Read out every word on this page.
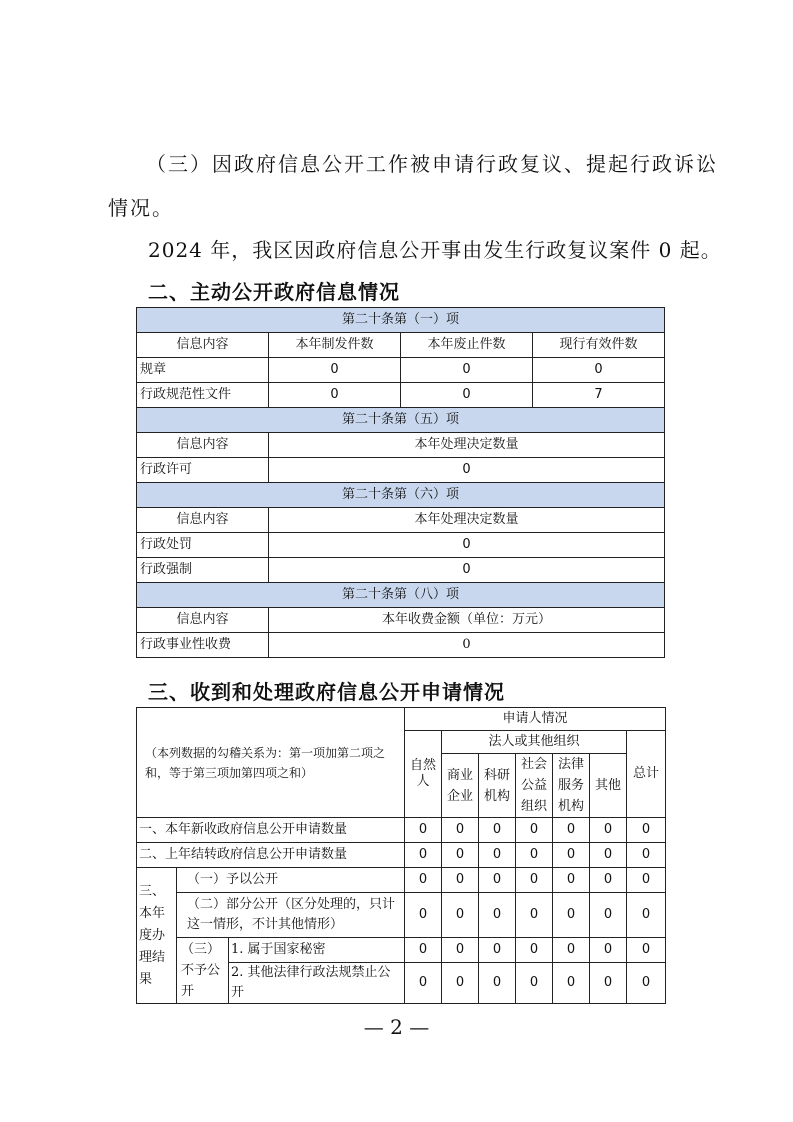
（三）因政府信息公开工作被申请行政复议、提起行政诉讼
情况。
2024 年，我区因政府信息公开事由发生行政复议案件 0 起。
二、主动公开政府信息情况
第二十条第（一）项			
信息内容	本年制发件数	本年废止件数	现行有效件数
规章	0	0	0
行政规范性文件	0	0	7
第二十条第（五）项			
信息内容	本年处理决定数量		
行政许可	0		
第二十条第（六）项			
信息内容	本年处理决定数量		
行政处罚	0		
行政强制	0		
第二十条第（八）项			
信息内容	本年收费金额（单位：万元）		
行政事业性收费	0		
三、收到和处理政府信息公开申请情况
（本列数据的勾稽关系为：第一项加第二项之和，等于第三项加第四项之和）			申请人情况						
			自然人	法人或其他组织					总计
				商业企业	科研机构	社会公益组织	法律服务机构	其他	

一、本年新收政府信息公开申请数量			0	0	0	0	0	0	0
二、上年结转政府信息公开申请数量			0	0	0	0	0	0	0
三、本年度办理结果	（一）予以公开		0	0	0	0	0	0	0
	（二）部分公开（区分处理的，只计这一情形，不计其他情形）		0	0	0	0	0	0	0
	（三）不予公开	1. 属于国家秘密	0	0	0	0	0	0	0
		2. 其他法律行政法规禁止公开	0	0	0	0	0	0	0
— 2 —
